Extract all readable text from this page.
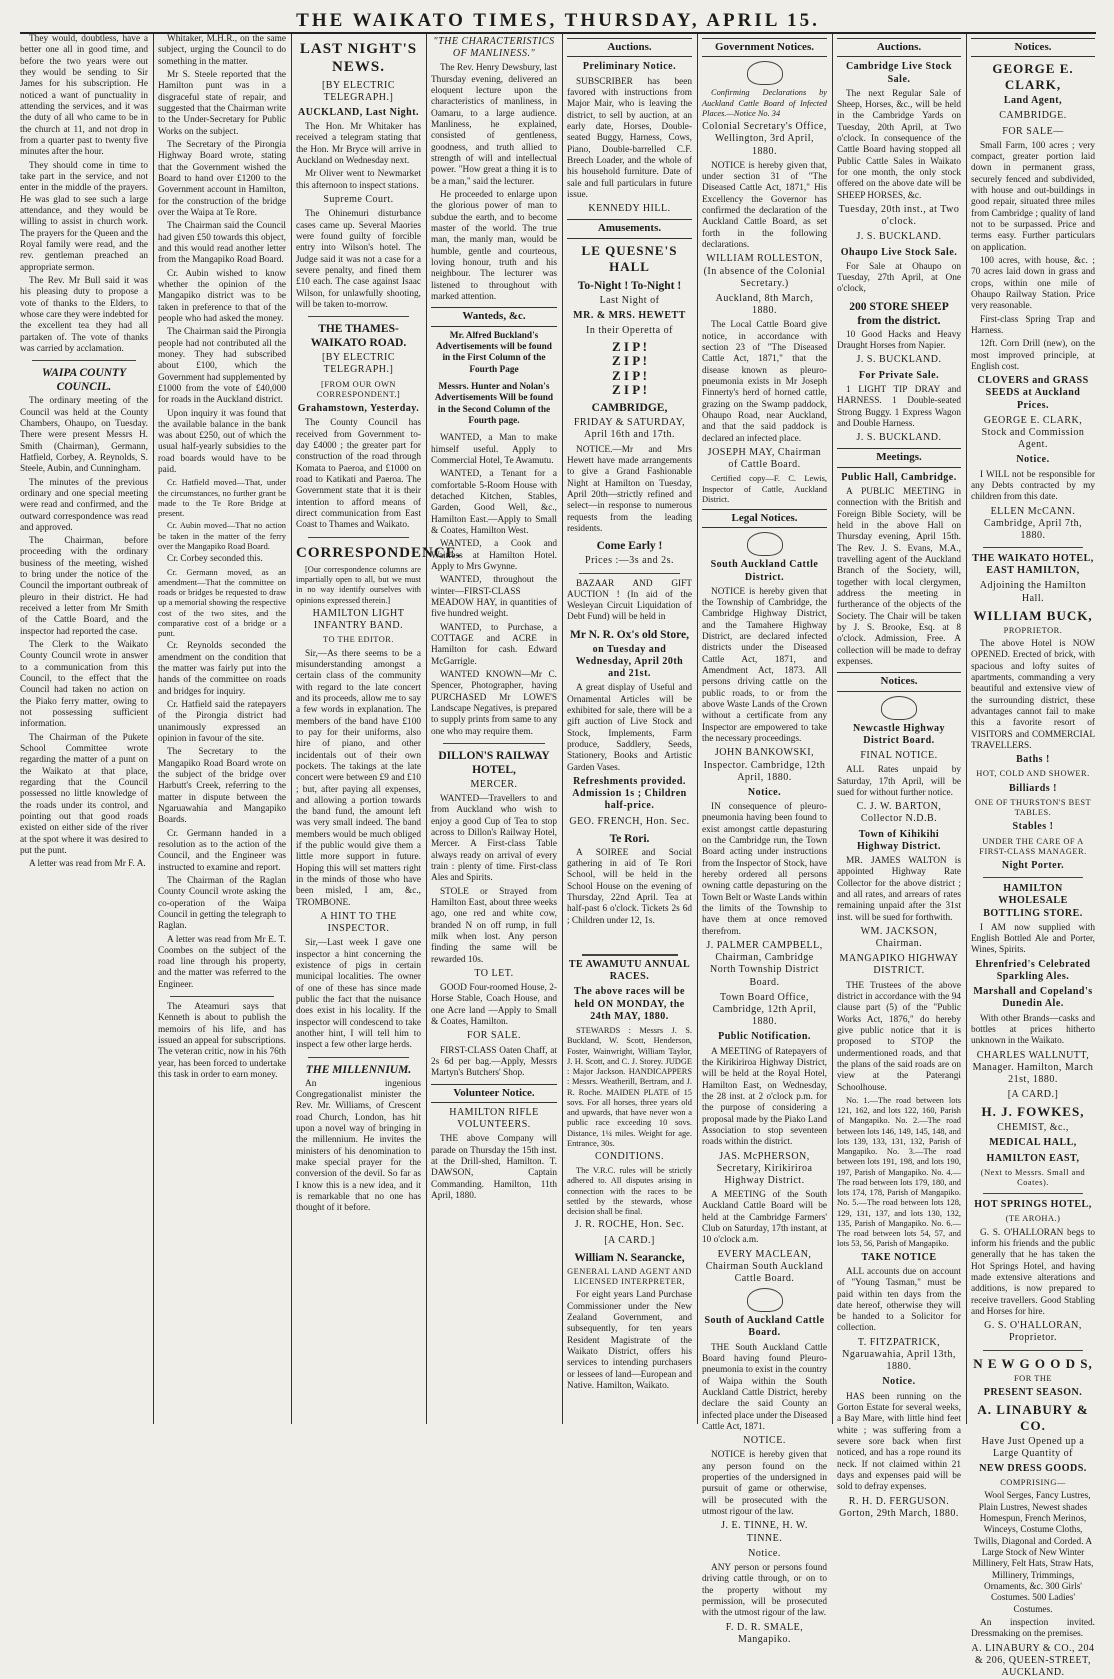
THE WAIKATO TIMES, THURSDAY, APRIL 15.

They would, doubtless, have a better one all in good time, and before the two years were out they would be sending to Sir James for his subscription. He noticed a want of punctuality in attending the services, and it was the duty of all who came to be in the church at 11, and not drop in from a quarter past to twenty five minutes after the hour.

They should come in time to take part in the service, and not enter in the middle of the prayers. He was glad to see such a large attendance, and they would be willing to assist in church work. The prayers for the Queen and the Royal family were read, and the rev. gentleman preached an appropriate sermon.

The Rev. Mr Bull said it was his pleasing duty to propose a vote of thanks to the Elders, to whose care they were indebted for the excellent tea they had all partaken of. The vote of thanks was carried by acclamation.

WAIPA COUNTY COUNCIL.

The ordinary meeting of the Council was held at the County Chambers, Ohaupo, on Tuesday. There were present Messrs H. Smith (Chairman), Germann, Hatfield, Corbey, A. Reynolds, S. Steele, Aubin, and Cunningham.

The minutes of the previous ordinary and one special meeting were read and confirmed, and the outward correspondence was read and approved.

The Chairman, before proceeding with the ordinary business of the meeting, wished to bring under the notice of the Council the important outbreak of pleuro in their district. He had received a letter from Mr Smith of the Cattle Board, and the inspector had reported the case.

The Clerk to the Waikato County Council wrote in answer to a communication from this Council, to the effect that the Council had taken no action on the Piako ferry matter, owing to not possessing sufficient information.

The Chairman of the Pukete School Committee wrote regarding the matter of a punt on the Waikato at that place, regarding that the Council possessed no little knowledge of the roads under its control, and pointing out that good roads existed on either side of the river at the spot where it was desired to put the punt.

A letter was read from Mr F. A.

Whitaker, M.H.R., on the same subject, urging the Council to do something in the matter.

Mr S. Steele reported that the Hamilton punt was in a disgraceful state of repair, and suggested that the Chairman write to the Under-Secretary for Public Works on the subject.

The Secretary of the Pirongia Highway Board wrote, stating that the Government wished the Board to hand over £1200 to the Government account in Hamilton, for the construction of the bridge over the Waipa at Te Rore.

The Chairman said the Council had given £50 towards this object, and this would read another letter from the Mangapiko Road Board.

Cr. Aubin wished to know whether the opinion of the Mangapiko district was to be taken in preference to that of the people who had asked the money.

The Chairman said the Pirongia people had not contributed all the money. They had subscribed about £100, which the Government had supplemented by £1000 from the vote of £40,000 for roads in the Auckland district.

Upon inquiry it was found that the available balance in the bank was about £250, out of which the usual half-yearly subsidies to the road boards would have to be paid.

Cr. Hatfield moved—That, under the circumstances, no further grant be made to the Te Rore Bridge at present.

Cr. Aubin moved—That no action be taken in the matter of the ferry over the Mangapiko Road Board.

Cr. Corbey seconded this.

Cr. Germann moved, as an amendment—That the committee on roads or bridges be requested to draw up a memorial showing the respective cost of the two sites, and the comparative cost of a bridge or a punt.

Cr. Reynolds seconded the amendment on the condition that the matter was fairly put into the hands of the committee on roads and bridges for inquiry.

Cr. Hatfield said the ratepayers of the Pirongia district had unanimously expressed an opinion in favour of the site.

The Secretary to the Mangapiko Road Board wrote on the subject of the bridge over Harbutt's Creek, referring to the matter in dispute between the Ngaruawahia and Mangapiko Boards.

Cr. Germann handed in a resolution as to the action of the Council, and the Engineer was instructed to examine and report.

The Chairman of the Raglan County Council wrote asking the co-operation of the Waipa Council in getting the telegraph to Raglan.

A letter was read from Mr E. T. Coombes on the subject of the road line through his property, and the matter was referred to the Engineer.

The Ateamuri says that Kenneth is about to publish the memoirs of his life, and has issued an appeal for subscriptions. The veteran critic, now in his 76th year, has been forced to undertake this task in order to earn money.

LAST NIGHT'S NEWS.
[BY ELECTRIC TELEGRAPH.]
AUCKLAND, Last Night.

The Hon. Mr Whitaker has received a telegram stating that the Hon. Mr Bryce will arrive in Auckland on Wednesday next.

Mr Oliver went to Newmarket this afternoon to inspect stations.

Supreme Court.

The Ohinemuri disturbance cases came up. Several Maories were found guilty of forcible entry into Wilson's hotel. The Judge said it was not a case for a severe penalty, and fined them £10 each. The case against Isaac Wilson, for unlawfully shooting, will be taken to-morrow.

THE THAMES-WAIKATO ROAD.
[BY ELECTRIC TELEGRAPH.]
[FROM OUR OWN CORRESPONDENT.]
Grahamstown, Yesterday.

The County Council has received from Government to-day £4000 ; the greater part for construction of the road through Komata to Paeroa, and £1000 on road to Katikati and Paeroa. The Government state that it is their intention to afford means of direct communication from East Coast to Thames and Waikato.

CORRESPONDENCE.

[Our correspondence columns are impartially open to all, but we must in no way identify ourselves with opinions expressed therein.]

HAMILTON LIGHT INFANTRY BAND.
TO THE EDITOR.

Sir,—As there seems to be a misunderstanding amongst a certain class of the community with regard to the late concert and its proceeds, allow me to say a few words in explanation. The members of the band have £100 to pay for their uniforms, also hire of piano, and other incidentals out of their own pockets. The takings at the late concert were between £9 and £10 ; but, after paying all expenses, and allowing a portion towards the band fund, the amount left was very small indeed. The band members would be much obliged if the public would give them a little more support in future. Hoping this will set matters right in the minds of those who have been misled, I am, &c., TROMBONE.

A HINT TO THE INSPECTOR.

Sir,—Last week I gave one inspector a hint concerning the existence of pigs in certain municipal localities. The owner of one of these has since made public the fact that the nuisance does exist in his locality. If the inspector will condescend to take another hint, I will tell him to inspect a few other large herds.

THE MILLENNIUM.

An ingenious Congregationalist minister the Rev. Mr. Williams, of Crescent road Church, London, has hit upon a novel way of bringing in the millennium. He invites the ministers of his denomination to make special prayer for the conversion of the devil. So far as I know this is a new idea, and it is remarkable that no one has thought of it before.

"THE CHARACTERISTICS OF MANLINESS."

The Rev. Henry Dewsbury, last Thursday evening, delivered an eloquent lecture upon the characteristics of manliness, in Oamaru, to a large audience. Manliness, he explained, consisted of gentleness, goodness, and truth allied to strength of will and intellectual power. "How great a thing it is to be a man," said the lecturer.

He proceeded to enlarge upon the glorious power of man to subdue the earth, and to become master of the world. The true man, the manly man, would be humble, gentle and courteous, loving honour, truth and his neighbour. The lecturer was listened to throughout with marked attention.

Wanteds, &c.
Mr. Alfred Buckland's Advertisements will be found in the First Column of the Fourth Page
Messrs. Hunter and Nolan's Advertisements Will be found in the Second Column of the Fourth page.

WANTED, a Man to make himself useful. Apply to Commercial Hotel, Te Awamutu.

WANTED, a Tenant for a comfortable 5-Room House with detached Kitchen, Stables, Garden, Good Well, &c., Hamilton East.—Apply to Small & Coates, Hamilton West.

WANTED, a Cook and Waitress at Hamilton Hotel. Apply to Mrs Gwynne.

WANTED, throughout the winter—FIRST-CLASS MEADOW HAY, in quantities of five hundred weight.

WANTED, to Purchase, a COTTAGE and ACRE in Hamilton for cash. Edward McGarrigle.

WANTED KNOWN—Mr C. Spencer, Photographer, having PURCHASED Mr LOWE'S Landscape Negatives, is prepared to supply prints from same to any one who may require them.

DILLON'S RAILWAY HOTEL,
MERCER.

WANTED—Travellers to and from Auckland who wish to enjoy a good Cup of Tea to stop across to Dillon's Railway Hotel, Mercer. A First-class Table always ready on arrival of every train : plenty of time. First-class Ales and Spirits.

STOLE or Strayed from Hamilton East, about three weeks ago, one red and white cow, branded N on off rump, in full milk when lost. Any person finding the same will be rewarded 10s.

TO LET.

GOOD Four-roomed House, 2-Horse Stable, Coach House, and one Acre land —Apply to Small & Coates, Hamilton.

FOR SALE.

FIRST-CLASS Oaten Chaff, at 2s 6d per bag.—Apply, Messrs Martyn's Butchers' Shop.

Volunteer Notice.
HAMILTON RIFLE VOLUNTEERS.

THE above Company will parade on Thursday the 15th inst. at the Drill-shed, Hamilton. T. DAWSON, Captain Commanding. Hamilton, 11th April, 1880.

Auctions.
Preliminary Notice.

SUBSCRIBER has been favored with instructions from Major Mair, who is leaving the district, to sell by auction, at an early date, Horses, Double-seated Buggy, Harness, Cows, Piano, Double-barrelled C.F. Breech Loader, and the whole of his household furniture. Date of sale and full particulars in future issue.

KENNEDY HILL.
Amusements.
LE QUESNE'S HALL
To-Night ! To-Night !
Last Night of
MR. & MRS. HEWETT
In their Operetta of
Z I P !
Z I P !
Z I P !
Z I P !
CAMBRIDGE,
FRIDAY & SATURDAY, April 16th and 17th.

NOTICE.—Mr and Mrs Hewett have made arrangements to give a Grand Fashionable Night at Hamilton on Tuesday, April 20th—strictly refined and select—in response to numerous requests from the leading residents.

Come Early !
Prices :—3s and 2s.

BAZAAR AND GIFT AUCTION ! (In aid of the Wesleyan Circuit Liquidation of Debt Fund) will be held in

Mr N. R. Ox's old Store,
on Tuesday and Wednesday, April 20th and 21st.

A great display of Useful and Ornamental Articles will be exhibited for sale, there will be a gift auction of Live Stock and Stock, Implements, Farm produce, Saddlery, Seeds, Stationery, Books and Artistic Garden Vases.

Refreshments provided. Admission 1s ; Children half-price.
GEO. FRENCH, Hon. Sec.
Te Rori.

A SOIREE and Social gathering in aid of Te Rori School, will be held in the School House on the evening of Thursday, 22nd April. Tea at half-past 6 o'clock. Tickets 2s 6d ; Children under 12, 1s.

TE AWAMUTU ANNUAL RACES.
The above races will be held ON MONDAY, the 24th MAY, 1880.

STEWARDS : Messrs J. S. Buckland, W. Scott, Henderson, Foster, Wainwright, William Taylor, J. H. Scott, and C. J. Storey. JUDGE : Major Jackson. HANDICAPPERS : Messrs. Weatherill, Bertram, and J. R. Roche. MAIDEN PLATE of 15 sovs. For all horses, three years old and upwards, that have never won a public race exceeding 10 sovs. Distance, 1¼ miles. Weight for age. Entrance, 30s.

CONDITIONS.

The V.R.C. rules will be strictly adhered to. All disputes arising in connection with the races to be settled by the stewards, whose decision shall be final.

J. R. ROCHE, Hon. Sec.
[A CARD.]
William N. Searancke,
GENERAL LAND AGENT AND LICENSED INTERPRETER,

For eight years Land Purchase Commissioner under the New Zealand Government, and subsequently, for ten years Resident Magistrate of the Waikato District, offers his services to intending purchasers or lessees of land—European and Native. Hamilton, Waikato.

Government Notices.

Confirming Declarations by Auckland Cattle Board of Infected Places.—Notice No. 34

Colonial Secretary's Office, Wellington, 3rd April, 1880.

NOTICE is hereby given that, under section 31 of "The Diseased Cattle Act, 1871," His Excellency the Governor has confirmed the declaration of the Auckland Cattle Board, as set forth in the following declarations.

WILLIAM ROLLESTON, (In absence of the Colonial Secretary.)
Auckland, 8th March, 1880.

The Local Cattle Board give notice, in accordance with section 23 of "The Diseased Cattle Act, 1871," that the disease known as pleuro-pneumonia exists in Mr Joseph Finnerty's herd of horned cattle, grazing on the Swamp paddock, Ohaupo Road, near Auckland, and that the said paddock is declared an infected place.

JOSEPH MAY, Chairman of Cattle Board.

Certified copy—F. C. Lewis, Inspector of Cattle, Auckland District.

Legal Notices.
South Auckland Cattle District.

NOTICE is hereby given that the Township of Cambridge, the Cambridge Highway District, and the Tamahere Highway District, are declared infected districts under the Diseased Cattle Act, 1871, and Amendment Act, 1873. All persons driving cattle on the public roads, to or from the above Waste Lands of the Crown without a certificate from any Inspector are empowered to take the necessary proceedings.

JOHN BANKOWSKI, Inspector. Cambridge, 12th April, 1880.
Notice.

IN consequence of pleuro-pneumonia having been found to exist amongst cattle depasturing on the Cambridge run, the Town Board acting under instructions from the Inspector of Stock, have hereby ordered all persons owning cattle depasturing on the Town Belt or Waste Lands within the limits of the Township to have them at once removed therefrom.

J. PALMER CAMPBELL, Chairman, Cambridge North Township District Board.
Town Board Office, Cambridge, 12th April, 1880.
Public Notification.

A MEETING of Ratepayers of the Kirikiriroa Highway District, will be held at the Royal Hotel, Hamilton East, on Wednesday, the 28 inst. at 2 o'clock p.m. for the purpose of considering a proposal made by the Piako Land Association to stop seventeen roads within the district.

JAS. McPHERSON, Secretary, Kirikiriroa Highway District.

A MEETING of the South Auckland Cattle Board will be held at the Cambridge Farmers' Club on Saturday, 17th instant, at 10 o'clock a.m.

EVERY MACLEAN, Chairman South Auckland Cattle Board.
South of Auckland Cattle Board.

THE South Auckland Cattle Board having found Pleuro-pneumonia to exist in the country of Waipa within the South Auckland Cattle District, hereby declare the said County an infected place under the Diseased Cattle Act, 1871.

NOTICE.

NOTICE is hereby given that any person found on the properties of the undersigned in pursuit of game or otherwise, will be prosecuted with the utmost rigour of the law.

J. E. TINNE, H. W. TINNE.
Notice.

ANY person or persons found driving cattle through, or on to the property without my permission, will be prosecuted with the utmost rigour of the law.

F. D. R. SMALE, Mangapiko.
Auctions.
Cambridge Live Stock Sale.

The next Regular Sale of Sheep, Horses, &c., will be held in the Cambridge Yards on Tuesday, 20th April, at Two o'clock. In consequence of the Cattle Board having stopped all Public Cattle Sales in Waikato for one month, the only stock offered on the above date will be SHEEP HORSES, &c.

Tuesday, 20th inst., at Two o'clock.
J. S. BUCKLAND.
Ohaupo Live Stock Sale.

For Sale at Ohaupo on Tuesday, 27th April, at One o'clock,

200 STORE SHEEP from the district.

10 Good Hacks and Heavy Draught Horses from Napier.

J. S. BUCKLAND.
For Private Sale.

1 LIGHT TIP DRAY and HARNESS. 1 Double-seated Strong Buggy. 1 Express Wagon and Double Harness.

J. S. BUCKLAND.
Meetings.
Public Hall, Cambridge.

A PUBLIC MEETING in connection with the British and Foreign Bible Society, will be held in the above Hall on Thursday evening, April 15th. The Rev. J. S. Evans, M.A., travelling agent of the Auckland Branch of the Society, will, together with local clergymen, address the meeting in furtherance of the objects of the Society. The Chair will be taken by J. S. Brooke, Esq. at 8 o'clock. Admission, Free. A collection will be made to defray expenses.

Notices.
Newcastle Highway District Board.
FINAL NOTICE.

ALL Rates unpaid by Saturday, 17th April, will be sued for without further notice.

C. J. W. BARTON, Collector N.D.B.
Town of Kihikihi Highway District.

MR. JAMES WALTON is appointed Highway Rate Collector for the above district ; and all rates, and arrears of rates remaining unpaid after the 31st inst. will be sued for forthwith.

WM. JACKSON, Chairman.
MANGAPIKO HIGHWAY DISTRICT.

THE Trustees of the above district in accordance with the 94 clause part (5) of the "Public Works Act, 1876," do hereby give public notice that it is proposed to STOP the undermentioned roads, and that the plans of the said roads are on view at the Paterangi Schoolhouse.

No. 1.—The road between lots 121, 162, and lots 122, 160, Parish of Mangapiko. No. 2.—The road between lots 146, 149, 145, 148, and lots 139, 133, 131, 132, Parish of Mangapiko. No. 3.—The road between lots 191, 198, and lots 190, 197, Parish of Mangapiko. No. 4.—The road between lots 179, 180, and lots 174, 178, Parish of Mangapiko. No. 5.—The road between lots 128, 129, 131, 137, and lots 130, 132, 135, Parish of Mangapiko. No. 6.—The road between lots 54, 57, and lots 53, 56, Parish of Mangapiko.

TAKE NOTICE

ALL accounts due on account of "Young Tasman," must be paid within ten days from the date hereof, otherwise they will be handed to a Solicitor for collection.

T. FITZPATRICK, Ngaruawahia, April 13th, 1880.
Notice.

HAS been running on the Gorton Estate for several weeks, a Bay Mare, with little hind feet white ; was suffering from a severe sore back when first noticed, and has a rope round its neck. If not claimed within 21 days and expenses paid will be sold to defray expenses.

R. H. D. FERGUSON. Gorton, 29th March, 1880.
Notices.
GEORGE E. CLARK,
Land Agent,
CAMBRIDGE.
FOR SALE—

Small Farm, 100 acres ; very compact, greater portion laid down in permanent grass, securely fenced and subdivided, with house and out-buildings in good repair, situated three miles from Cambridge ; quality of land not to be surpassed. Price and terms easy. Further particulars on application.

100 acres, with house, &c. ; 70 acres laid down in grass and crops, within one mile of Ohaupo Railway Station. Price very reasonable.

First-class Spring Trap and Harness.

12ft. Corn Drill (new), on the most improved principle, at English cost.

CLOVERS and GRASS SEEDS at Auckland Prices.
GEORGE E. CLARK, Stock and Commission Agent.
Notice.

I WILL not be responsible for any Debts contracted by my children from this date.

ELLEN McCANN. Cambridge, April 7th, 1880.
THE WAIKATO HOTEL, EAST HAMILTON,
Adjoining the Hamilton Hall.
WILLIAM BUCK,
PROPRIETOR.

The above Hotel is NOW OPENED. Erected of brick, with spacious and lofty suites of apartments, commanding a very beautiful and extensive view of the surrounding district, these advantages cannot fail to make this a favorite resort of VISITORS and COMMERCIAL TRAVELLERS.

Baths !
HOT, COLD AND SHOWER.
Billiards !
ONE OF THURSTON'S BEST TABLES.
Stables !
UNDER THE CARE OF A FIRST-CLASS MANAGER.
Night Porter.
HAMILTON WHOLESALE BOTTLING STORE.

I AM now supplied with English Bottled Ale and Porter, Wines, Spirits.

Ehrenfried's Celebrated Sparkling Ales.
Marshall and Copeland's Dunedin Ale.

With other Brands—casks and bottles at prices hitherto unknown in the Waikato.

CHARLES WALLNUTT, Manager. Hamilton, March 21st, 1880.
[A CARD.]
H. J. FOWKES,
CHEMIST, &c.,
MEDICAL HALL,
HAMILTON EAST,
(Next to Messrs. Small and Coates).
HOT SPRINGS HOTEL,
(TE AROHA.)

G. S. O'HALLORAN begs to inform his friends and the public generally that he has taken the Hot Springs Hotel, and having made extensive alterations and additions, is now prepared to receive travellers. Good Stabling and Horses for hire.

G. S. O'HALLORAN, Proprietor.
N E W G O O D S,
FOR THE
PRESENT SEASON.
A. LINABURY & CO.
Have Just Opened up a Large Quantity of
NEW DRESS GOODS.
COMPRISING—

Wool Serges, Fancy Lustres, Plain Lustres, Newest shades Homespun, French Merinos, Winceys, Costume Cloths, Twills, Diagonal and Corded. A Large Stock of New Winter Millinery, Felt Hats, Straw Hats, Millinery, Trimmings, Ornaments, &c. 300 Girls' Costumes. 500 Ladies' Costumes.

An inspection invited. Dressmaking on the premises.

A. LINABURY & CO., 204 & 206, QUEEN-STREET, AUCKLAND.
